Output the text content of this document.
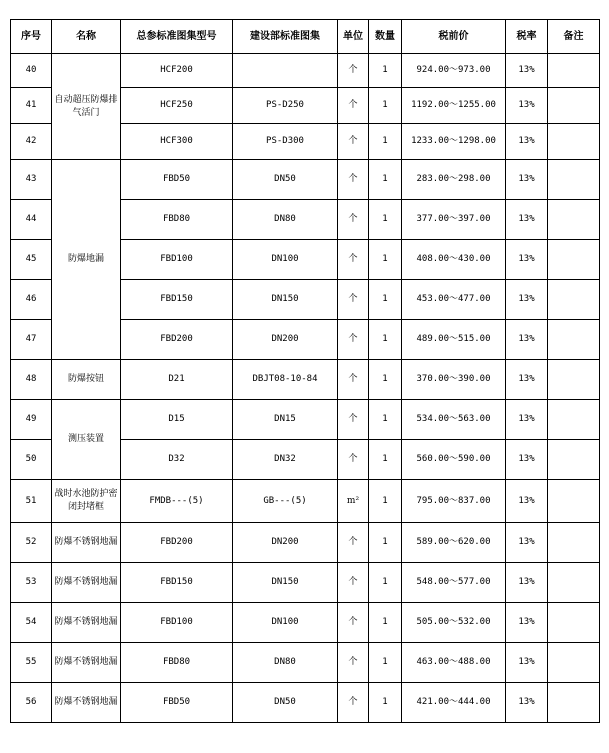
序号	名称	总参标准图集型号	建设部标准图集	单位	数量	税前价	税率	备注
40	自动超压防爆排气活门	HCF200		个	1	924.00～973.00	13%	
41		HCF250	PS-D250	个	1	1192.00～1255.00	13%	
42		HCF300	PS-D300	个	1	1233.00～1298.00	13%	
43	防爆地漏	FBD50	DN50	个	1	283.00～298.00	13%	
44		FBD80	DN80	个	1	377.00～397.00	13%	
45		FBD100	DN100	个	1	408.00～430.00	13%	
46		FBD150	DN150	个	1	453.00～477.00	13%	
47		FBD200	DN200	个	1	489.00～515.00	13%	
48	防爆按钮	D21	DBJT08-10-84	个	1	370.00～390.00	13%	
49	测压装置	D15	DN15	个	1	534.00～563.00	13%	
50		D32	DN32	个	1	560.00～590.00	13%	
51	战时水池防护密闭封堵框	FMDB---(5)	GB---(5)	m²	1	795.00～837.00	13%	
52	防爆不锈钢地漏	FBD200	DN200	个	1	589.00～620.00	13%	
53	防爆不锈钢地漏	FBD150	DN150	个	1	548.00～577.00	13%	
54	防爆不锈钢地漏	FBD100	DN100	个	1	505.00～532.00	13%	
55	防爆不锈钢地漏	FBD80	DN80	个	1	463.00～488.00	13%	
56	防爆不锈钢地漏	FBD50	DN50	个	1	421.00～444.00	13%	
